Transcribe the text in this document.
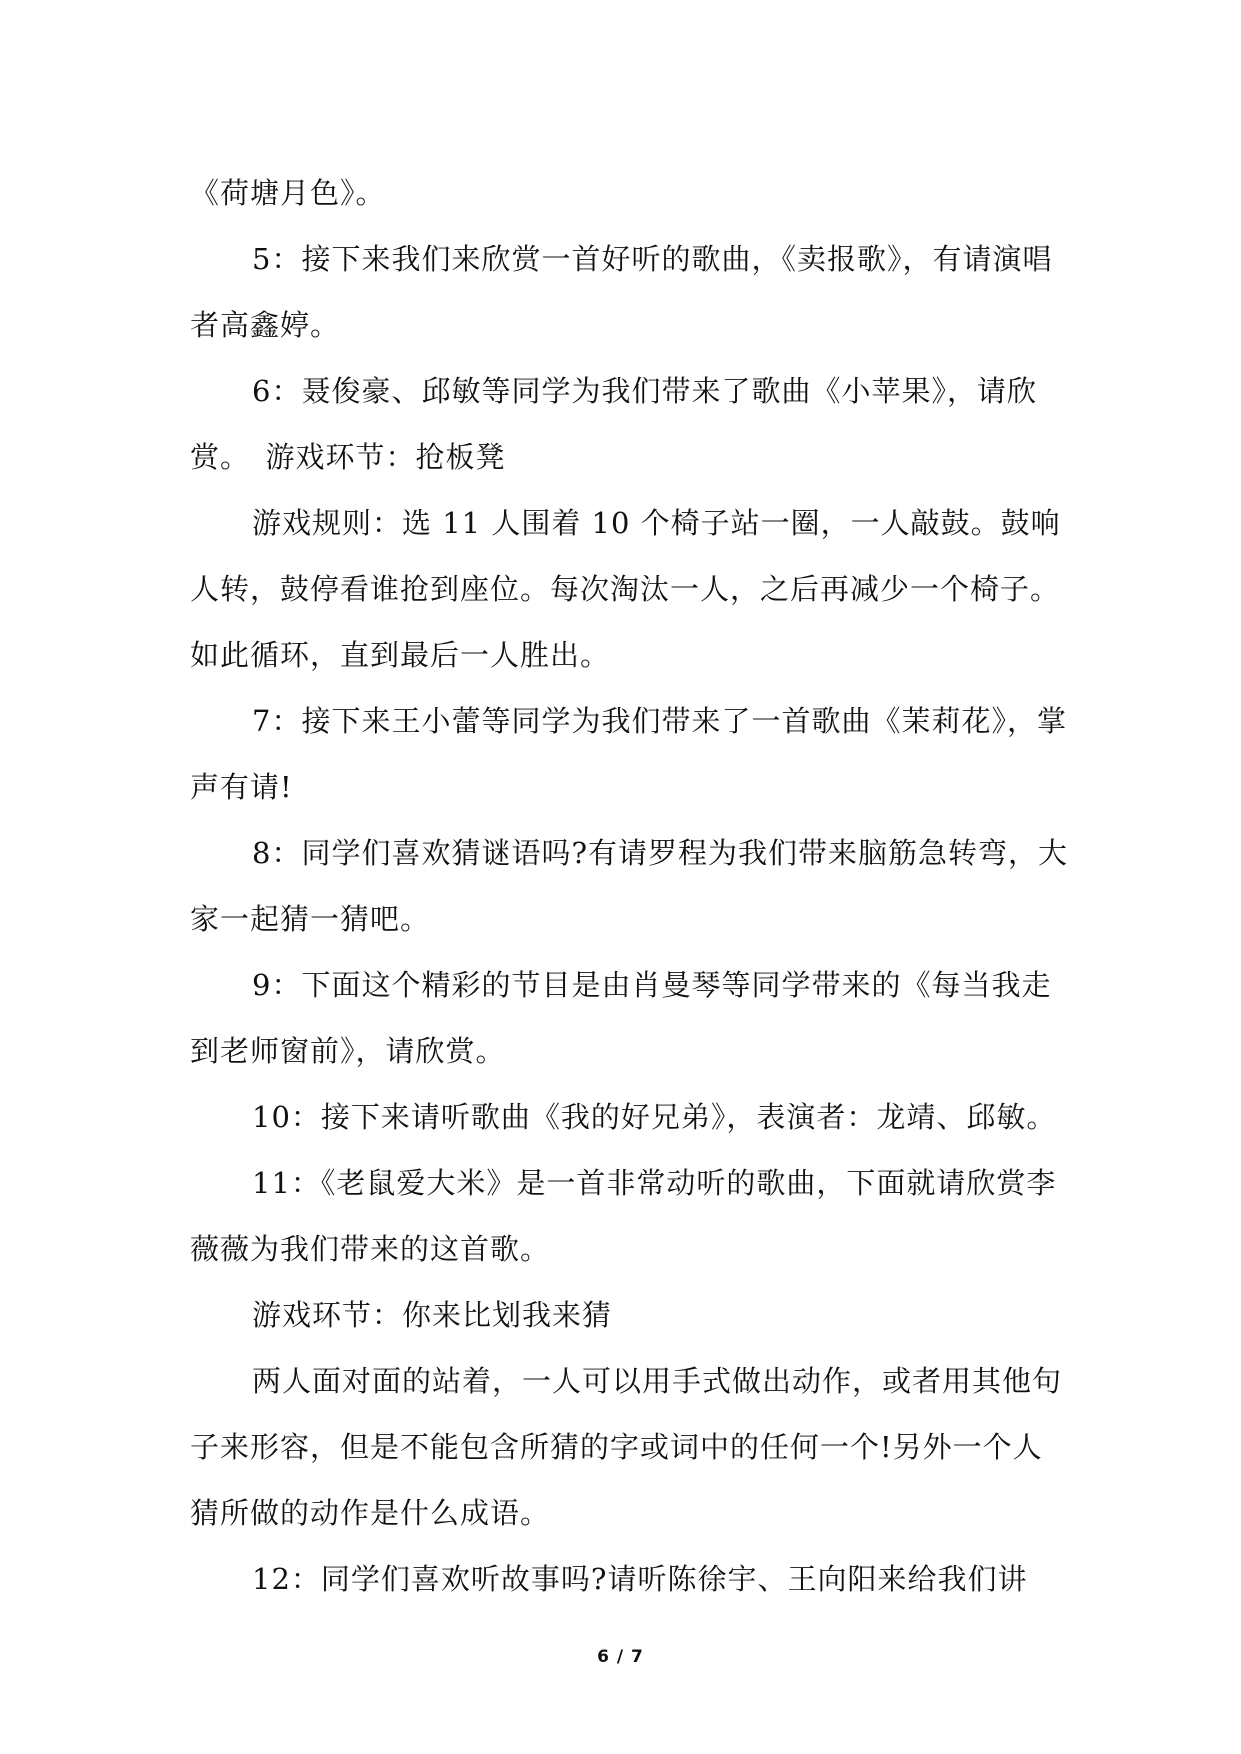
《荷塘月色》。

5：接下来我们来欣赏一首好听的歌曲，《卖报歌》，有请演唱者高鑫婷。

6：聂俊豪、邱敏等同学为我们带来了歌曲《小苹果》，请欣赏。　游戏环节：抢板凳

游戏规则：选 11 人围着 10 个椅子站一圈，一人敲鼓。鼓响人转，鼓停看谁抢到座位。每次淘汰一人，之后再减少一个椅子。如此循环，直到最后一人胜出。

7：接下来王小蕾等同学为我们带来了一首歌曲《茉莉花》，掌声有请!

8：同学们喜欢猜谜语吗?有请罗程为我们带来脑筋急转弯，大家一起猜一猜吧。

9：下面这个精彩的节目是由肖曼琴等同学带来的《每当我走到老师窗前》，请欣赏。

10：接下来请听歌曲《我的好兄弟》，表演者：龙靖、邱敏。

11：《老鼠爱大米》是一首非常动听的歌曲，下面就请欣赏李薇薇为我们带来的这首歌。

游戏环节：你来比划我来猜

两人面对面的站着，一人可以用手式做出动作，或者用其他句子来形容，但是不能包含所猜的字或词中的任何一个!另外一个人猜所做的动作是什么成语。

12：同学们喜欢听故事吗?请听陈徐宇、王向阳来给我们讲

6 / 7
